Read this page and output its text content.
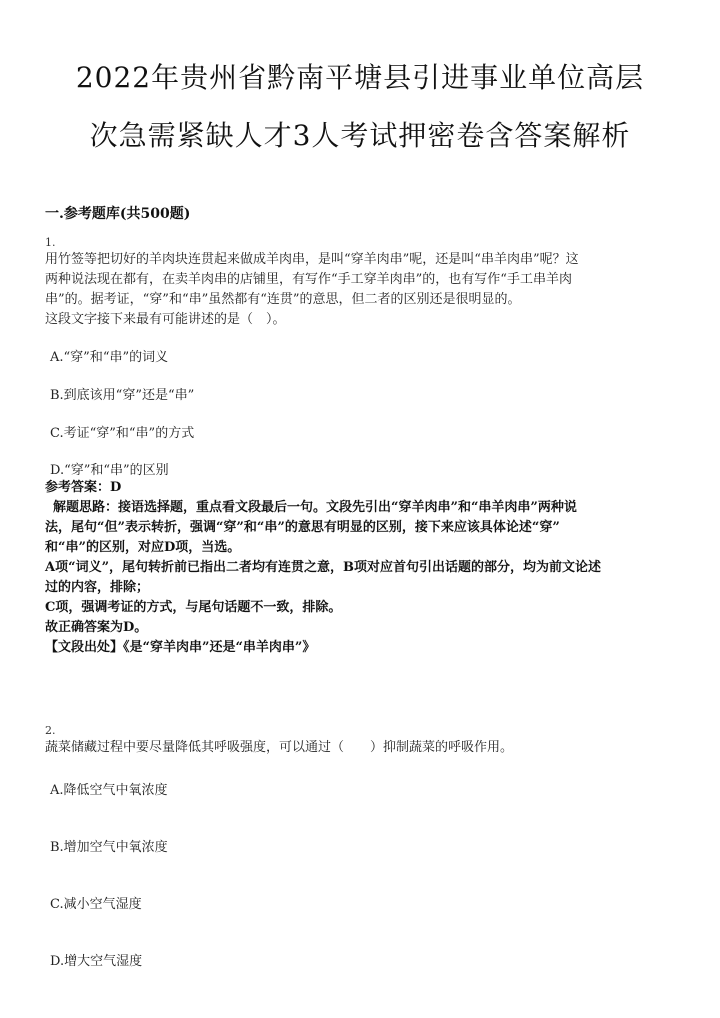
2022年贵州省黔南平塘县引进事业单位高层
次急需紧缺人才3人考试押密卷含答案解析
一.参考题库(共500题)
1.
用竹签等把切好的羊肉块连贯起来做成羊肉串，是叫“穿羊肉串”呢，还是叫“串羊肉串”呢？这
两种说法现在都有，在卖羊肉串的店铺里，有写作“手工穿羊肉串”的，也有写作“手工串羊肉
串”的。据考证，“穿”和“串”虽然都有“连贯”的意思，但二者的区别还是很明显的。
这段文字接下来最有可能讲述的是（　）。
A.“穿”和“串”的词义
B.到底该用“穿”还是“串”
C.考证“穿”和“串”的方式
D.“穿”和“串”的区别

参考答案：D

解题思路：接语选择题，重点看文段最后一句。文段先引出“穿羊肉串”和“串羊肉串”两种说

法，尾句“但”表示转折，强调“穿”和“串”的意思有明显的区别，接下来应该具体论述“穿”

和“串”的区别，对应D项，当选。

A项“词义”，尾句转折前已指出二者均有连贯之意，B项对应首句引出话题的部分，均为前文论述

过的内容，排除；

C项，强调考证的方式，与尾句话题不一致，排除。

故正确答案为D。

【文段出处】《是“穿羊肉串”还是“串羊肉串”》

2.
蔬菜储藏过程中要尽量降低其呼吸强度，可以通过（　　）抑制蔬菜的呼吸作用。
A.降低空气中氧浓度
B.增加空气中氧浓度
C.减小空气湿度
D.增大空气湿度
